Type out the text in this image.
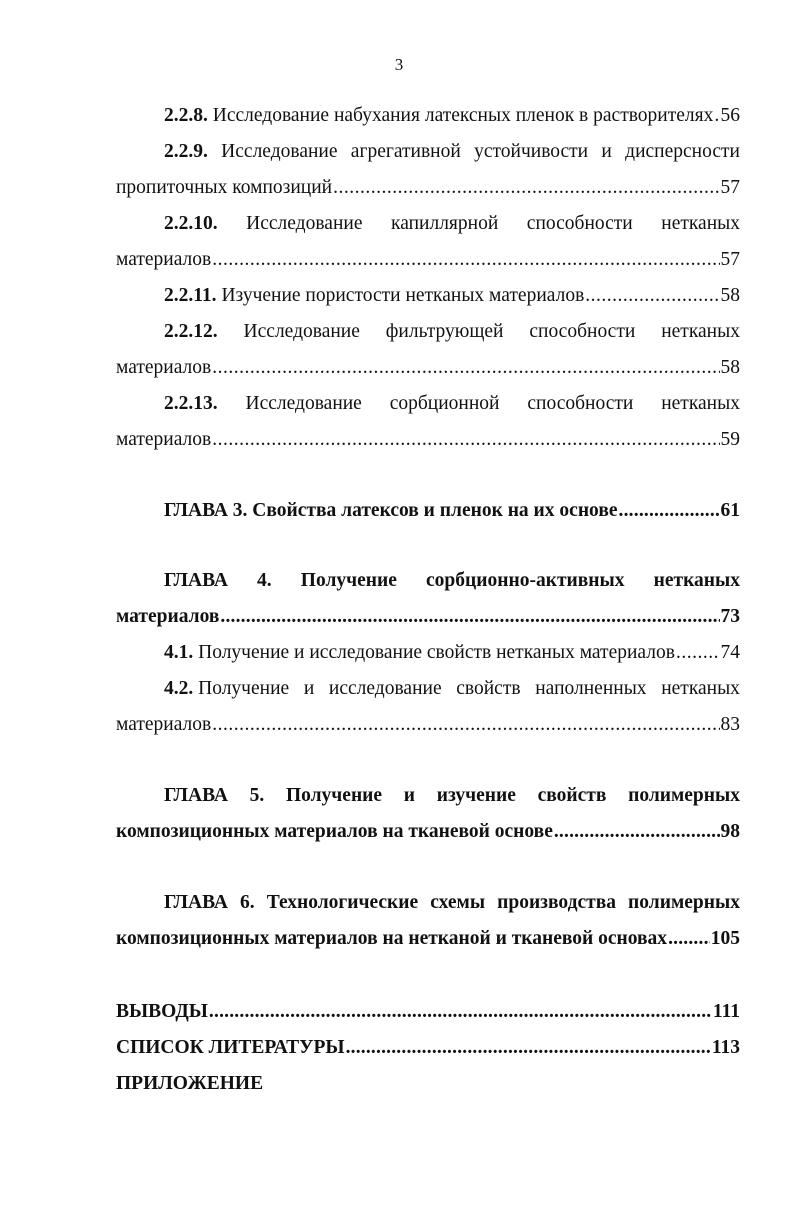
3
2.2.8.
Исследование набухания латексных пленок в растворителях ..... 56
2.2.9. Исследование агрегативной устойчивости и дисперсности
пропиточных композиций .....	57
2.2.10. Исследование капиллярной способности нетканых
материалов .....	57
2.2.11.
Изучение пористости нетканых материалов .....	58
2.2.12. Исследование фильтрующей способности нетканых
материалов .....	58
2.2.13. Исследование сорбционной способности нетканых
материалов .....	59
ГЛАВА 3. Свойства латексов и пленок на их основе .....	61
ГЛАВА 4. Получение сорбционно-активных нетканых
материалов .....	73
4.1.
Получение и исследование свойств нетканых материалов ..... 74
4.2. Получение и исследование свойств наполненных нетканых
материалов .....	83
ГЛАВА 5. Получение и изучение свойств полимерных
композиционных материалов на тканевой основе .....	98
ГЛАВА 6. Технологические схемы производства полимерных
композиционных материалов на нетканой и тканевой основах ..... 105
ВЫВОДЫ .....	111
СПИСОК ЛИТЕРАТУРЫ .....	113
ПРИЛОЖЕНИЕ
